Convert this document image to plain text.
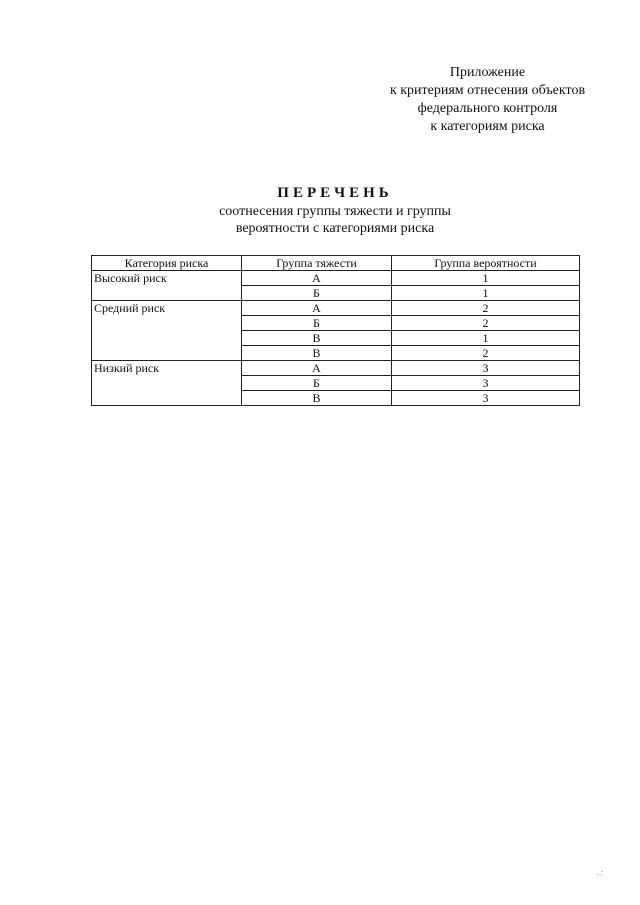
Приложение
к критериям отнесения объектов
федерального контроля
к категориям риска
ПЕРЕЧЕНЬ
соотнесения группы тяжести и группы
вероятности с категориями риска
Категория риска	Группа тяжести	Группа вероятности
Высокий риск	А	1
	Б	1
Средний риск	А	2
	Б	2
	В	1
	В	2
Низкий риск	А	3
	Б	3
	В	3
·.·
